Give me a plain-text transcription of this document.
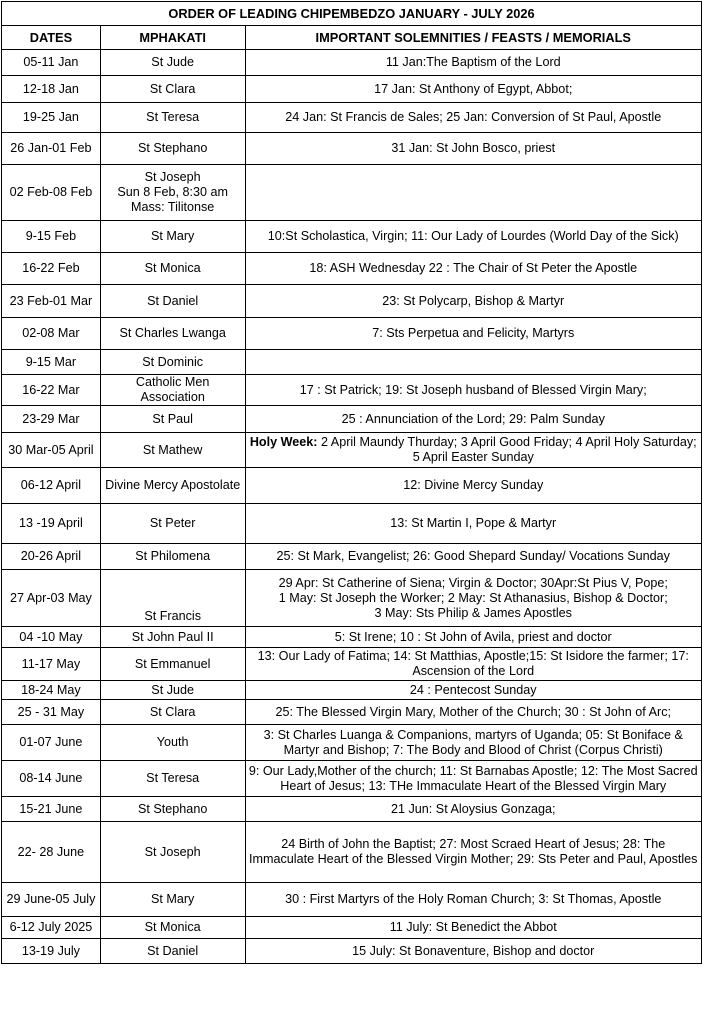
ORDER OF LEADING CHIPEMBEDZO JANUARY - JULY 2026		
DATES	MPHAKATI	IMPORTANT SOLEMNITIES / FEASTS / MEMORIALS
05-11 Jan	St Jude	11 Jan:The Baptism of the Lord
12-18 Jan	St Clara	17 Jan: St Anthony of Egypt, Abbot;
19-25 Jan	St Teresa	24 Jan: St Francis de Sales; 25 Jan: Conversion of St Paul, Apostle
26 Jan-01 Feb	St Stephano	31 Jan: St John Bosco, priest
02 Feb-08 Feb	St Joseph
Sun 8 Feb, 8:30 am
Mass: Tilitonse	
9-15 Feb	St Mary	10:St Scholastica, Virgin; 11: Our Lady of Lourdes (World Day of the Sick)
16-22 Feb	St Monica	18: ASH Wednesday 22 : The Chair of St Peter the Apostle
23 Feb-01 Mar	St Daniel	23: St Polycarp, Bishop & Martyr
02-08 Mar	St Charles Lwanga	7: Sts Perpetua and Felicity, Martyrs
9-15 Mar	St Dominic	
16-22 Mar	Catholic Men Association	17 : St Patrick; 19: St Joseph husband of Blessed Virgin Mary;
23-29 Mar	St Paul	25 : Annunciation of the Lord; 29: Palm Sunday
30 Mar-05 April	St Mathew	Holy Week: 2 April Maundy Thurday; 3 April Good Friday; 4 April Holy Saturday; 5 April Easter Sunday
06-12 April	Divine Mercy Apostolate	12: Divine Mercy Sunday
13 -19 April	St Peter	13: St Martin I, Pope & Martyr
20-26 April	St Philomena	25: St Mark, Evangelist; 26: Good Shepard Sunday/ Vocations Sunday
27 Apr-03 May	St Francis	29 Apr: St Catherine of Siena; Virgin & Doctor; 30Apr:St Pius V, Pope;
1 May: St Joseph the Worker; 2 May: St Athanasius, Bishop & Doctor;
3 May: Sts Philip & James Apostles
04 -10 May	St John Paul II	5: St Irene; 10 : St John of Avila, priest and doctor
11-17 May	St Emmanuel	13: Our Lady of Fatima; 14: St Matthias, Apostle;15: St Isidore the farmer; 17: Ascension of the Lord
18-24 May	St Jude	24 : Pentecost Sunday
25 - 31 May	St Clara	25: The Blessed Virgin Mary, Mother of the Church; 30 : St John of Arc;
01-07 June	Youth	3: St Charles Luanga & Companions, martyrs of Uganda; 05: St Boniface & Martyr and Bishop; 7: The Body and Blood of Christ (Corpus Christi)
08-14 June	St Teresa	9: Our Lady,Mother of the church; 11: St Barnabas Apostle; 12: The Most Sacred Heart of Jesus; 13: THe Immaculate Heart of the Blessed Virgin Mary
15-21 June	St Stephano	21 Jun: St Aloysius Gonzaga;
22- 28 June	St Joseph	24 Birth of John the Baptist; 27: Most Scraed Heart of Jesus; 28: The Immaculate Heart of the Blessed Virgin Mother; 29: Sts Peter and Paul, Apostles
29 June-05 July	St Mary	30 : First Martyrs of the Holy Roman Church; 3: St Thomas, Apostle
6-12 July 2025	St Monica	11 July: St Benedict the Abbot
13-19 July	St Daniel	15 July: St Bonaventure, Bishop and doctor
